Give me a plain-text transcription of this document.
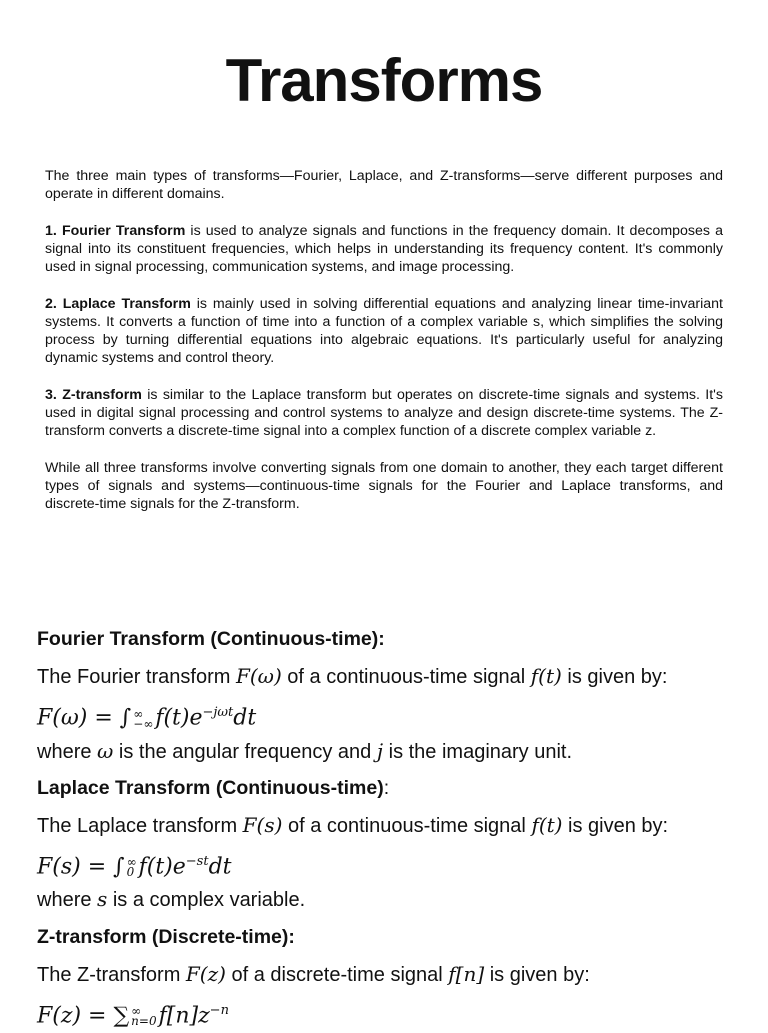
Transforms

The three main types of transforms—Fourier, Laplace, and Z-transforms—serve different purposes and operate in different domains.

1. Fourier Transform is used to analyze signals and functions in the frequency domain. It decomposes a signal into its constituent frequencies, which helps in understanding its frequency content. It's commonly used in signal processing, communication systems, and image processing.

2. Laplace Transform is mainly used in solving differential equations and analyzing linear time-invariant systems. It converts a function of time into a function of a complex variable s, which simplifies the solving process by turning differential equations into algebraic equations. It's particularly useful for analyzing dynamic systems and control theory.

3. Z-transform is similar to the Laplace transform but operates on discrete-time signals and systems. It's used in digital signal processing and control systems to analyze and design discrete-time systems. The Z-transform converts a discrete-time signal into a complex function of a discrete complex variable z.

While all three transforms involve converting signals from one domain to another, they each target different types of signals and systems—continuous-time signals for the Fourier and Laplace transforms, and discrete-time signals for the Z-transform.

Fourier Transform (Continuous-time):
The Fourier transform F(ω) of a continuous-time signal f(t) is given by:
F(ω) = ∫ ∞
−∞ $f(t)e^{-j\omega t}dt$
where ω is the angular frequency and j is the imaginary unit.
Laplace Transform (Continuous-time):
The Laplace transform F(s) of a continuous-time signal f(t) is given by:
F(s) = ∫ ∞
0 $f(t)e^{-st}dt$
where s is a complex variable.
Z-transform (Discrete-time):
The Z-transform F(z) of a discrete-time signal f[n] is given by:
F(z) = ∑ ∞
n=0 $f[n]z^{-n}$
